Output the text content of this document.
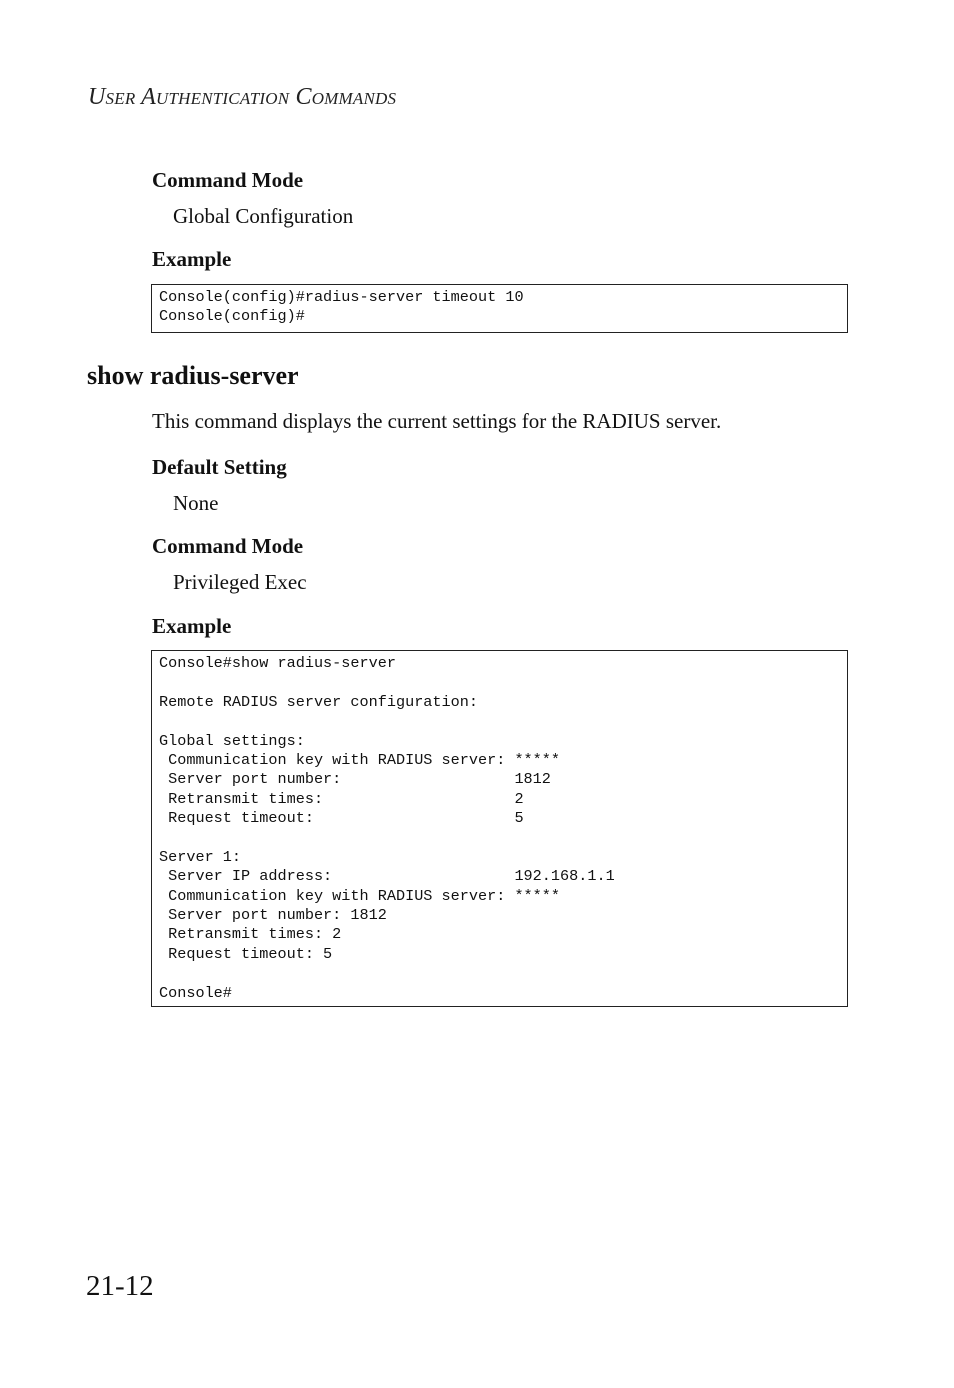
User Authentication Commands
Command Mode
Global Configuration
Example
Console(config)#radius-server timeout 10
Console(config)#
show radius-server
This command displays the current settings for the RADIUS server.
Default Setting
None
Command Mode
Privileged Exec
Example
Console#show radius-server
Remote RADIUS server configuration:
Global settings:
Communication key with RADIUS server: *****
Server port number:                   1812
Retransmit times:                     2
Request timeout:                      5
Server 1:
Server IP address:                    192.168.1.1
Communication key with RADIUS server: *****
Server port number: 1812
Retransmit times: 2
Request timeout: 5
Console#
21-12
